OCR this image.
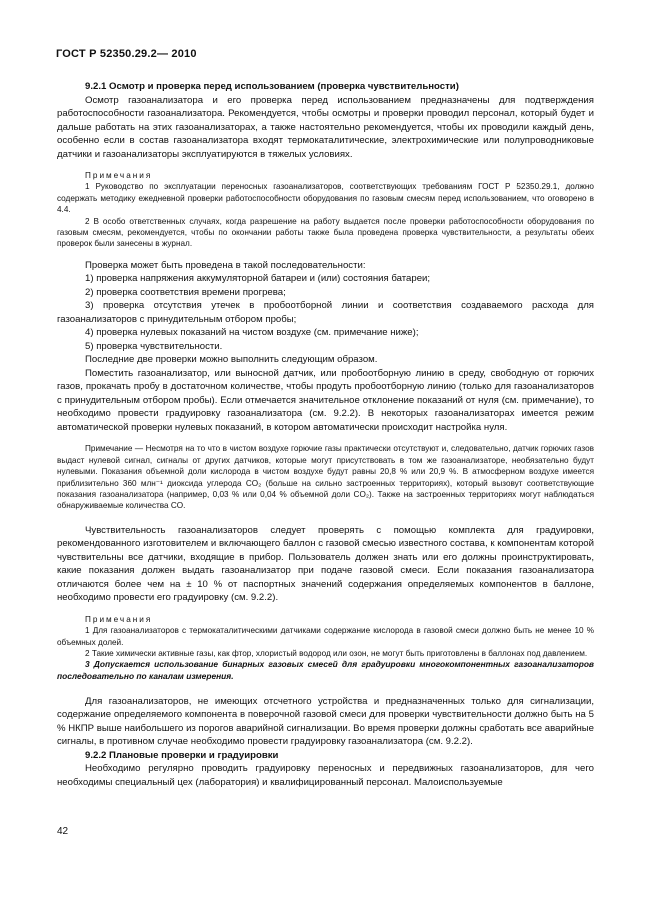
ГОСТ Р 52350.29.2— 2010

9.2.1 Осмотр и проверка перед использованием (проверка чувствительности)

Осмотр газоанализатора и его проверка перед использованием предназначены для подтверждения работоспособности газоанализатора. Рекомендуется, чтобы осмотры и проверки проводил персонал, который будет и дальше работать на этих газоанализаторах, а также настоятельно рекомендуется, чтобы их проводили каждый день, особенно если в состав газоанализатора входят термокаталитические, электрохимические или полупроводниковые датчики и газоанализаторы эксплуатируются в тяжелых условиях.

Примечания

1 Руководство по эксплуатации переносных газоанализаторов, соответствующих требованиям ГОСТ Р 52350.29.1, должно содержать методику ежедневной проверки работоспособности оборудования по газовым смесям перед использованием, что оговорено в 4.4.

2 В особо ответственных случаях, когда разрешение на работу выдается после проверки работоспособности оборудования по газовым смесям, рекомендуется, чтобы по окончании работы также была проведена проверка чувствительности, а результаты обеих проверок были занесены в журнал.

Проверка может быть проведена в такой последовательности:

1) проверка напряжения аккумуляторной батареи и (или) состояния батареи;

2) проверка соответствия времени прогрева;

3) проверка отсутствия утечек в пробоотборной линии и соответствия создаваемого расхода для газоанализаторов с принудительным отбором пробы;

4) проверка нулевых показаний на чистом воздухе (см. примечание ниже);

5) проверка чувствительности.

Последние две проверки можно выполнить следующим образом.

Поместить газоанализатор, или выносной датчик, или пробоотборную линию в среду, свободную от горючих газов, прокачать пробу в достаточном количестве, чтобы продуть пробоотборную линию (только для газоанализаторов с принудительным отбором пробы). Если отмечается значительное отклонение показаний от нуля (см. примечание), то необходимо провести градуировку газоанализатора (см. 9.2.2). В некоторых газоанализаторах имеется режим автоматической проверки нулевых показаний, в котором автоматически происходит настройка нуля.

Примечание — Несмотря на то что в чистом воздухе горючие газы практически отсутствуют и, следовательно, датчик горючих газов выдаст нулевой сигнал, сигналы от других датчиков, которые могут присутствовать в том же газоанализаторе, необязательно будут нулевыми. Показания объемной доли кислорода в чистом воздухе будут равны 20,8 % или 20,9 %. В атмосферном воздухе имеется приблизительно 360 млн⁻¹ диоксида углерода CO₂ (больше на сильно застроенных территориях), который вызовут соответствующие показания газоанализатора (например, 0,03 % или 0,04 % объемной доли CO₂). Также на застроенных территориях могут наблюдаться обнаруживаемые количества CO.

Чувствительность газоанализаторов следует проверять с помощью комплекта для градуировки, рекомендованного изготовителем и включающего баллон с газовой смесью известного состава, к компонентам которой чувствительны все датчики, входящие в прибор. Пользователь должен знать или его должны проинструктировать, какие показания должен выдать газоанализатор при подаче газовой смеси. Если показания газоанализатора отличаются более чем на ± 10 % от паспортных значений содержания определяемых компонентов в баллоне, необходимо провести его градуировку (см. 9.2.2).

Примечания

1 Для газоанализаторов с термокаталитическими датчиками содержание кислорода в газовой смеси должно быть не менее 10 % объемных долей.

2 Такие химически активные газы, как фтор, хлористый водород или озон, не могут быть приготовлены в баллонах под давлением.

3 Допускается использование бинарных газовых смесей для градуировки многокомпонентных газоанализаторов последовательно по каналам измерения.

Для газоанализаторов, не имеющих отсчетного устройства и предназначенных только для сигнализации, содержание определяемого компонента в поверочной газовой смеси для проверки чувствительности должно быть на 5 % НКПР выше наибольшего из порогов аварийной сигнализации. Во время проверки должны сработать все аварийные сигналы, в противном случае необходимо провести градуировку газоанализатора (см. 9.2.2).

9.2.2 Плановые проверки и градуировки

Необходимо регулярно проводить градуировку переносных и передвижных газоанализаторов, для чего необходимы специальный цех (лаборатория) и квалифицированный персонал. Малоиспользуемые

42
